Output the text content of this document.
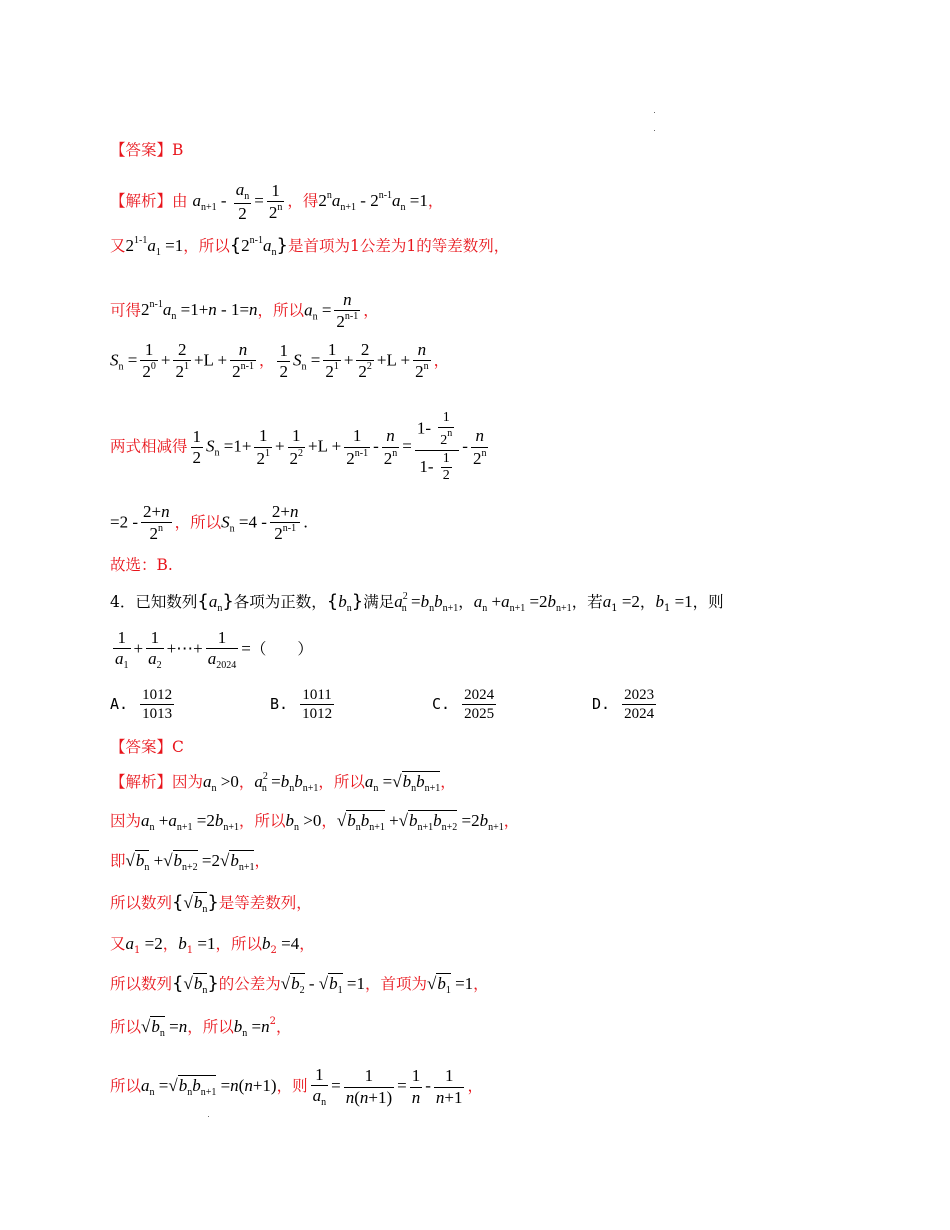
【答案】B
【解析】由 $a_{n+1} - \frac{a_n}{2} = \frac{1}{2^n}$ ，得$2^na_{n+1} - 2^{n-1}a_n =1$，
又$2^{1-1}a_1 =1$，所以$\{2^{n-1}a_n\}$是首项为1公差为1的等差数列，
可得$2^{n-1}a_n =1+n - 1=n$，所以$a_n = \frac{n}{2^{n-1}}$ ，
$S_n = \frac{1}{2^0} + \frac{2}{2^1} +L + \frac{n}{2^{n-1}}$ ， $\frac{1}{2} S_n = \frac{1}{2^1} + \frac{2}{2^2} +L + \frac{n}{2^n}$ ，
两式相减得 $\frac{1}{2} S_n =1+ \frac{1}{2^1} + \frac{1}{2^2} +L + \frac{1}{2^{n-1}} - \frac{n}{2^n} = \frac{1- \frac{1}{2^n}}{1- \frac{1}{2}} - \frac{n}{2^n}$
$=2 - \frac{2+n}{2^n}$ ，所以$S_n =4 - \frac{2+n}{2^{n-1}}$ .
故选：B.
4．已知数列$\{a_n\}$各项为正数，$\{b_n\}$满足$a^2_n =b_nb_{n+1}$，$a_n +a_{n+1} =2b_{n+1}$，若$a_1 =2$，$b_1 =1$，则
$\frac{1}{a_1} + \frac{1}{a_2}$ +⋯+ $\frac{1}{a_{2024}}$ =（　　）
A. $\frac{1012}{1013}$	B. $\frac{1011}{1012}$	C. $\frac{2024}{2025}$	D. $\frac{2023}{2024}$
【答案】C
【解析】因为$a_n >0$，$a^2_n =b_nb_{n+1}$，所以$a_n =√b_nb_{n+1}$，
因为$a_n +a_{n+1} =2b_{n+1}$，所以$b_n >0$，$√b_nb_{n+1} +√b_{n+1}b_{n+2} =2b_{n+1}$，
即$√b_n +√b_{n+2} =2√b_{n+1}$，
所以数列$\{√b_n\}$是等差数列，
又$a_1 =2$，$b_1 =1$，所以$b_2 =4$，
所以数列$\{√b_n\}$的公差为$√b_2 - √b_1 =1$，首项为$√b_1 =1$，
所以$√b_n =n$，所以$b_n =n^2$，
所以$a_n =√b_nb_{n+1} =n(n+1)$，则 $\frac{1}{a_n} = \frac{1}{n(n+1)} = \frac{1}{n} - \frac{1}{n+1}$ ，
